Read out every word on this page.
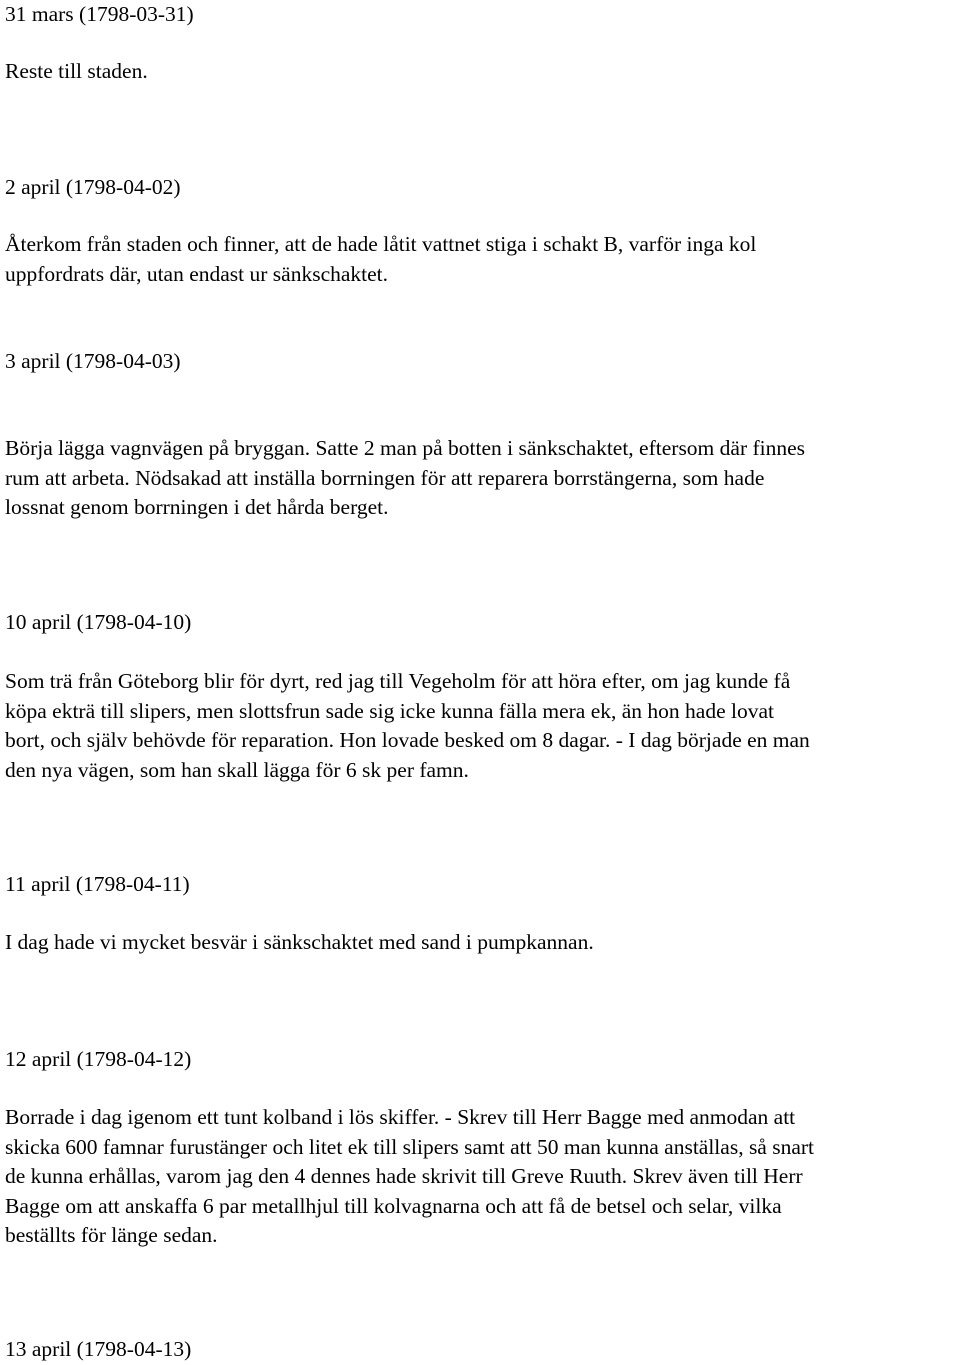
31 mars (1798-03-31)

Reste till staden.

2 april (1798-04-02)

Återkom från staden och finner, att de hade låtit vattnet stiga i schakt B, varför inga kol
uppfordrats där, utan endast ur sänkschaktet.

3 april (1798-04-03)

Börja lägga vagnvägen på bryggan. Satte 2 man på botten i sänkschaktet, eftersom där finnes
rum att arbeta. Nödsakad att inställa borrningen för att reparera borrstängerna, som hade
lossnat genom borrningen i det hårda berget.

10 april (1798-04-10)

Som trä från Göteborg blir för dyrt, red jag till Vegeholm för att höra efter, om jag kunde få
köpa ekträ till slipers, men slottsfrun sade sig icke kunna fälla mera ek, än hon hade lovat
bort, och själv behövde för reparation. Hon lovade besked om 8 dagar. - I dag började en man
den nya vägen, som han skall lägga för 6 sk per famn.

11 april (1798-04-11)

I dag hade vi mycket besvär i sänkschaktet med sand i pumpkannan.

12 april (1798-04-12)

Borrade i dag igenom ett tunt kolband i lös skiffer. - Skrev till Herr Bagge med anmodan att
skicka 600 famnar furustänger och litet ek till slipers samt att 50 man kunna anställas, så snart
de kunna erhållas, varom jag den 4 dennes hade skrivit till Greve Ruuth. Skrev även till Herr
Bagge om att anskaffa 6 par metallhjul till kolvagnarna och att få de betsel och selar, vilka
beställts för länge sedan.

13 april (1798-04-13)
